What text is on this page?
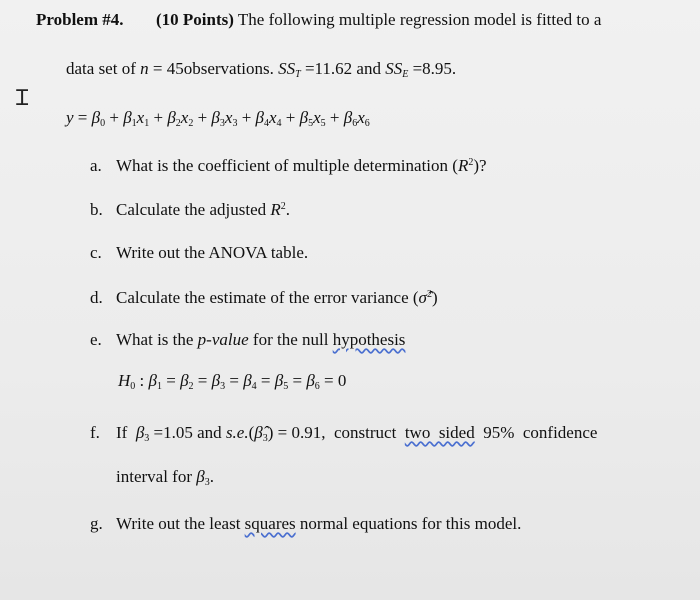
Problem #4. (10 Points) The following multiple regression model is fitted to a
data set of n = 45observations. $SS_T =11.62$ and $SS_E =8.95$.
Ɪ
$y = \beta_0 + \beta_1x_1 + \beta_2x_2 + \beta_3x_3 + \beta_4x_4 + \beta_5x_5 + \beta_6x_6$
a. What is the coefficient of multiple determination $(R^2)$?
b. Calculate the adjusted $R^2$.
c. Write out the ANOVA table.
d. Calculate the estimate of the error variance (σ̂$^2$)
e. What is the p-value for the null hypothesis
$H_0$ : $\beta_1 = \beta_2 = \beta_3 = \beta_4 = \beta_5 = \beta_6 = 0$
f. If  $\beta_3 =1.05$ and $s.e.(\betâ_3) = 0.91$,  construct  two  sided  95%  confidence
interval for $\beta_3$.
g. Write out the least squares normal equations for this model.
